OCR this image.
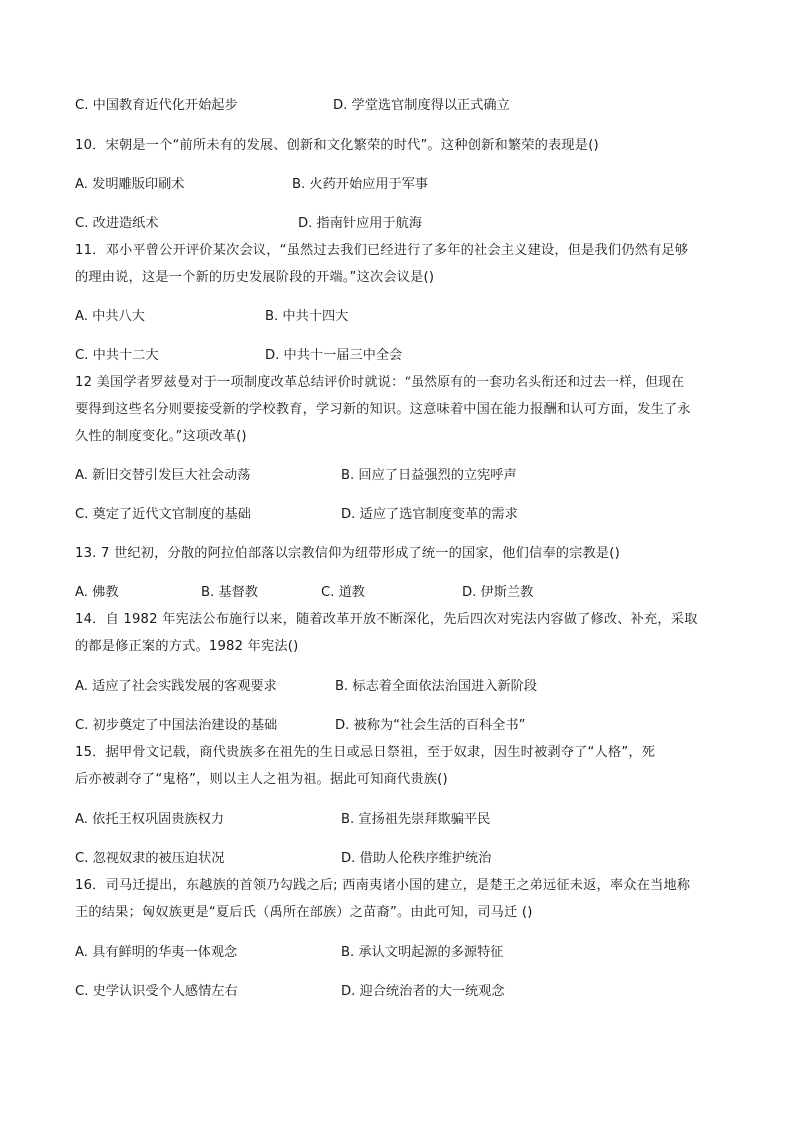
C. 中国教育近代化开始起步	D. 学堂选官制度得以正式确立
10．宋朝是一个“前所未有的发展、创新和文化繁荣的时代”。这种创新和繁荣的表现是()
A. 发明雕版印刷术	B. 火药开始应用于军事
C. 改进造纸术	D. 指南针应用于航海
11．邓小平曾公开评价某次会议，“虽然过去我们已经进行了多年的社会主义建设，但是我们仍然有足够
的理由说，这是一个新的历史发展阶段的开端。”这次会议是()
A. 中共八大	B. 中共十四大
C. 中共十二大	D. 中共十一届三中全会
12 美国学者罗兹曼对于一项制度改革总结评价时就说：“虽然原有的一套功名头衔还和过去一样，但现在
要得到这些名分则要接受新的学校教育，学习新的知识。这意味着中国在能力报酬和认可方面，发生了永
久性的制度变化。”这项改革()
A. 新旧交替引发巨大社会动荡	B. 回应了日益强烈的立宪呼声
C. 奠定了近代文官制度的基础	D. 适应了选官制度变革的需求
13. 7 世纪初，分散的阿拉伯部落以宗教信仰为纽带形成了统一的国家，他们信奉的宗教是()
A. 佛教	B. 基督教	C. 道教	D. 伊斯兰教
14．自 1982 年宪法公布施行以来，随着改革开放不断深化，先后四次对宪法内容做了修改、补充，采取
的都是修正案的方式。1982 年宪法()
A. 适应了社会实践发展的客观要求	B. 标志着全面依法治国进入新阶段
C. 初步奠定了中国法治建设的基础	D. 被称为“社会生活的百科全书”
15．据甲骨文记载，商代贵族多在祖先的生日或忌日祭祖，至于奴隶，因生时被剥夺了“人格”，死
后亦被剥夺了“鬼格”，则以主人之祖为祖。据此可知商代贵族()
A. 依托王权巩固贵族权力	B. 宣扬祖先崇拜欺骗平民
C. 忽视奴隶的被压迫状况	D. 借助人伦秩序维护统治
16．司马迁提出，东越族的首领乃勾践之后; 西南夷诸小国的建立，是楚王之弟远征未返，率众在当地称
王的结果；匈奴族更是“夏后氏（禹所在部族）之苗裔”。由此可知，司马迁 ()
A. 具有鲜明的华夷一体观念	B. 承认文明起源的多源特征
C. 史学认识受个人感情左右	D. 迎合统治者的大一统观念
